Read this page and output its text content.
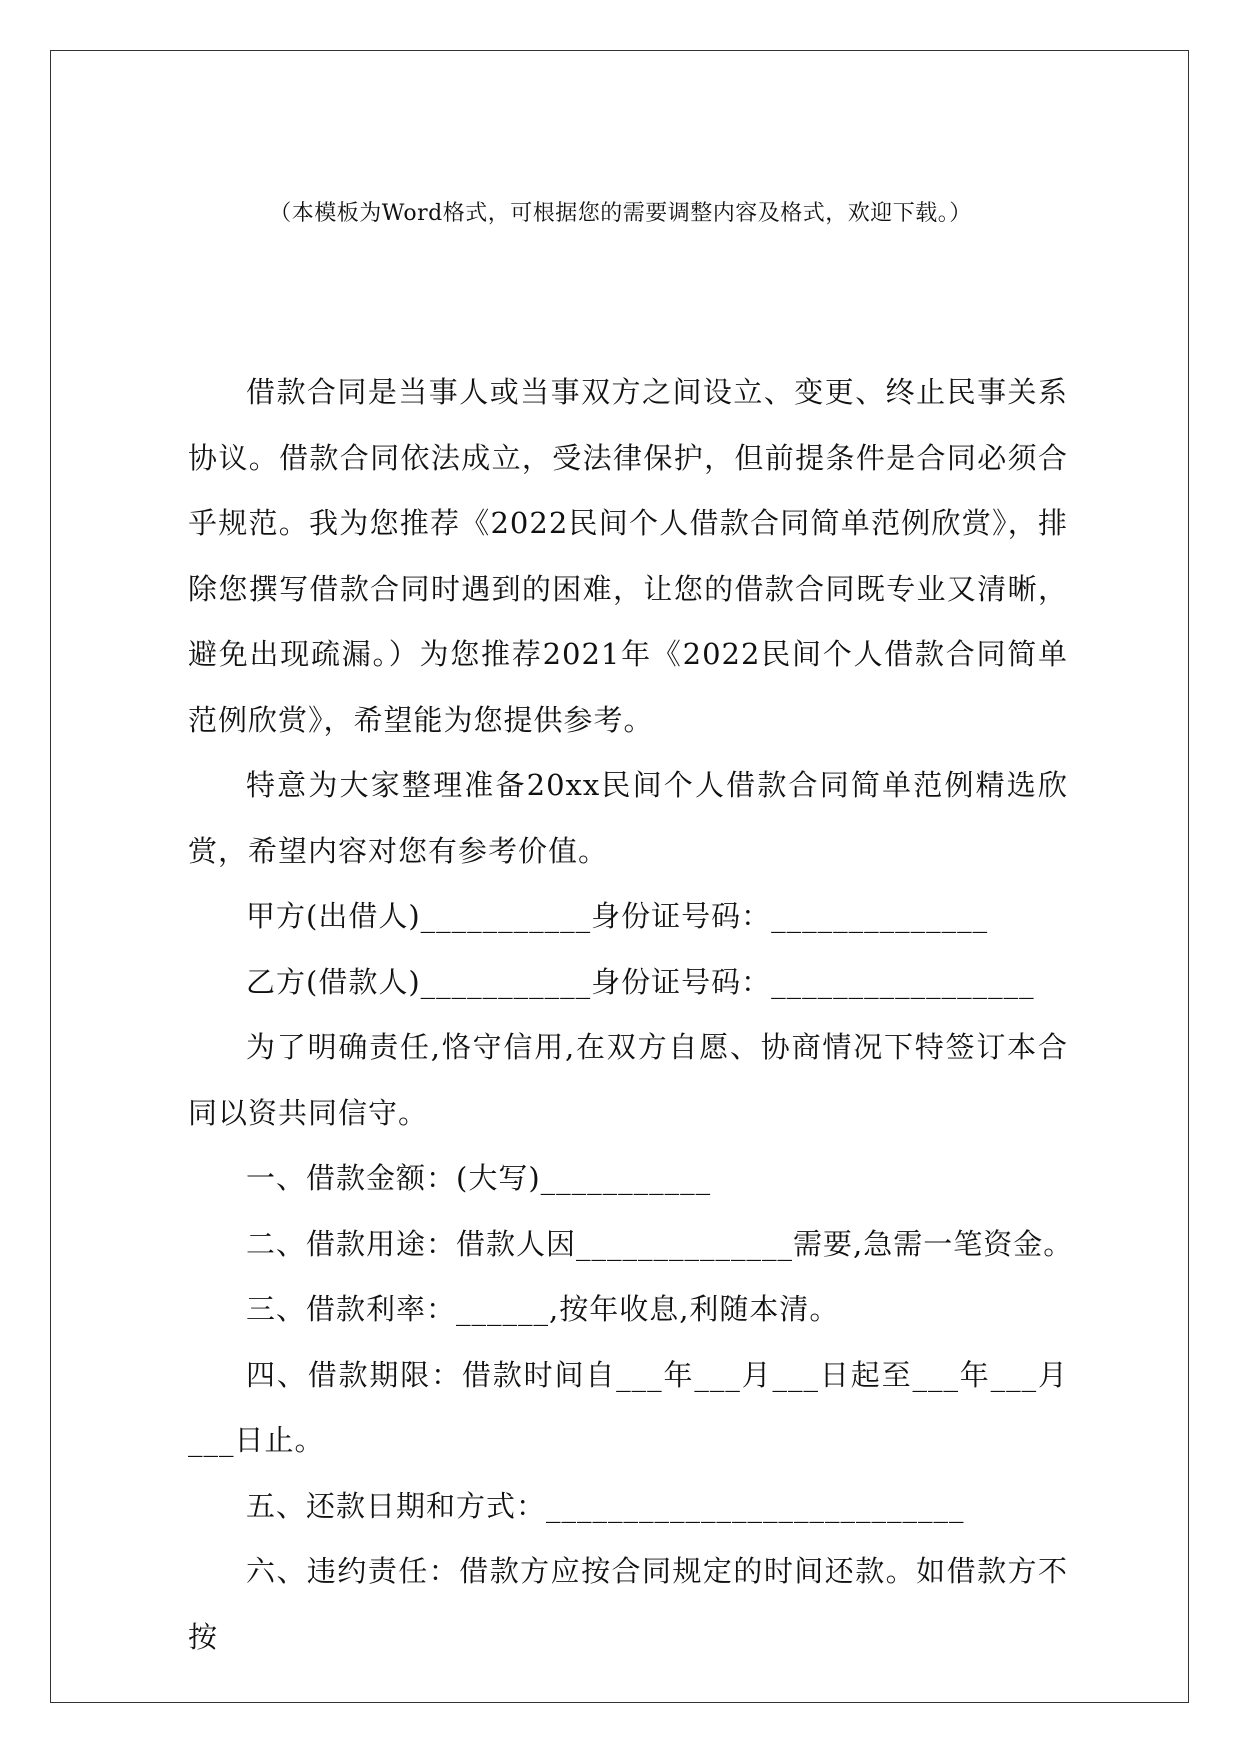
（本模板为Word格式，可根据您的需要调整内容及格式，欢迎下载。）

借款合同是当事人或当事双方之间设立、变更、终止民事关系协议。借款合同依法成立，受法律保护，但前提条件是合同必须合乎规范。我为您推荐《2022民间个人借款合同简单范例欣赏》，排除您撰写借款合同时遇到的困难，让您的借款合同既专业又清晰，避免出现疏漏。）为您推荐2021年《2022民间个人借款合同简单范例欣赏》，希望能为您提供参考。

特意为大家整理准备20xx民间个人借款合同简单范例精选欣赏，希望内容对您有参考价值。

甲方(出借人)___________身份证号码：______________

乙方(借款人)___________身份证号码：_________________

为了明确责任,恪守信用,在双方自愿、协商情况下特签订本合同以资共同信守。

一、借款金额：(大写)___________

二、借款用途：借款人因______________需要,急需一笔资金。

三、借款利率：______,按年收息,利随本清。

四、借款期限：借款时间自___年___月___日起至___年___月___日止。

五、还款日期和方式：___________________________

六、违约责任：借款方应按合同规定的时间还款。如借款方不按
